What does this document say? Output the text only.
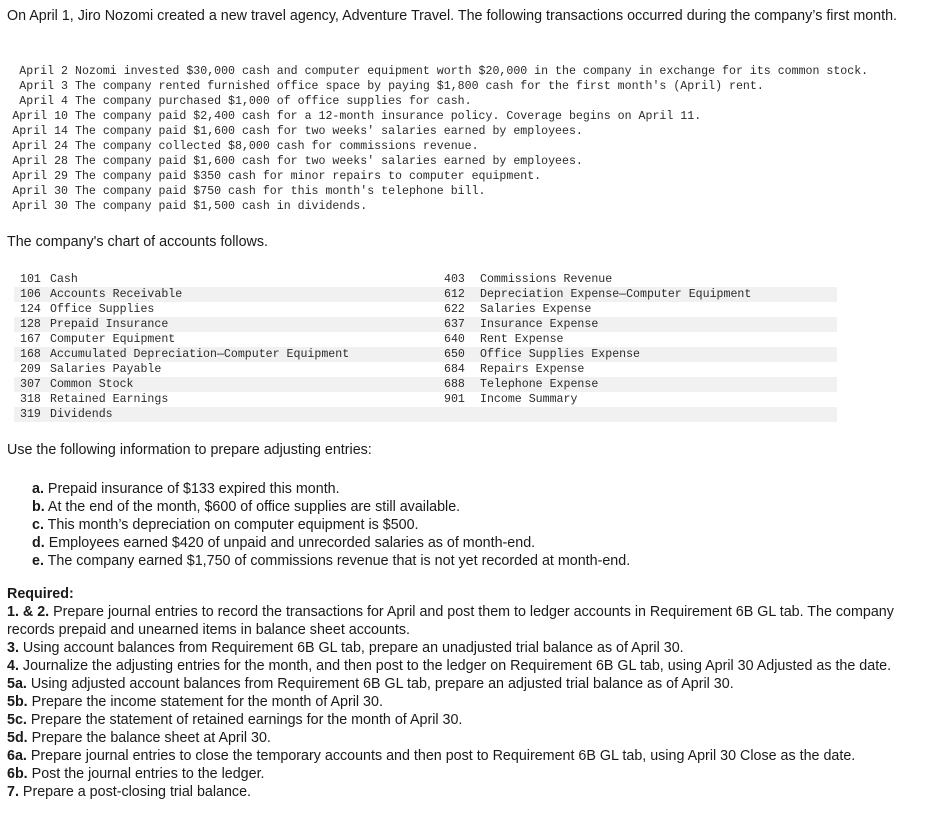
On April 1, Jiro Nozomi created a new travel agency, Adventure Travel. The following transactions occurred during the company’s first month.
April 2	Nozomi invested $30,000 cash and computer equipment worth $20,000 in the company in exchange for its common stock.
April 3	The company rented furnished office space by paying $1,800 cash for the first month's (April) rent.
April 4	The company purchased $1,000 of office supplies for cash.
April 10	The company paid $2,400 cash for a 12-month insurance policy. Coverage begins on April 11.
April 14	The company paid $1,600 cash for two weeks' salaries earned by employees.
April 24	The company collected $8,000 cash for commissions revenue.
April 28	The company paid $1,600 cash for two weeks' salaries earned by employees.
April 29	The company paid $350 cash for minor repairs to computer equipment.
April 30	The company paid $750 cash for this month's telephone bill.
April 30	The company paid $1,500 cash in dividends.
The company's chart of accounts follows.
101 Cash	403	Commissions Revenue
106 Accounts Receivable	612	Depreciation Expense—Computer Equipment
124 Office Supplies	622	Salaries Expense
128 Prepaid Insurance	637	Insurance Expense
167 Computer Equipment	640	Rent Expense
168 Accumulated Depreciation—Computer Equipment	650	Office Supplies Expense
209 Salaries Payable	684	Repairs Expense
307 Common Stock	688	Telephone Expense
318 Retained Earnings	901	Income Summary
319 Dividends
Use the following information to prepare adjusting entries:
a. Prepaid insurance of $133 expired this month.
b. At the end of the month, $600 of office supplies are still available.
c. This month’s depreciation on computer equipment is $500.
d. Employees earned $420 of unpaid and unrecorded salaries as of month-end.
e. The company earned $1,750 of commissions revenue that is not yet recorded at month-end.
Required:
1. & 2. Prepare journal entries to record the transactions for April and post them to ledger accounts in Requirement 6B GL tab. The company records prepaid and unearned items in balance sheet accounts.
3. Using account balances from Requirement 6B GL tab, prepare an unadjusted trial balance as of April 30.
4. Journalize the adjusting entries for the month, and then post to the ledger on Requirement 6B GL tab, using April 30 Adjusted as the date.
5a. Using adjusted account balances from Requirement 6B GL tab, prepare an adjusted trial balance as of April 30.
5b. Prepare the income statement for the month of April 30.
5c. Prepare the statement of retained earnings for the month of April 30.
5d. Prepare the balance sheet at April 30.
6a. Prepare journal entries to close the temporary accounts and then post to Requirement 6B GL tab, using April 30 Close as the date.
6b. Post the journal entries to the ledger.
7. Prepare a post-closing trial balance.
